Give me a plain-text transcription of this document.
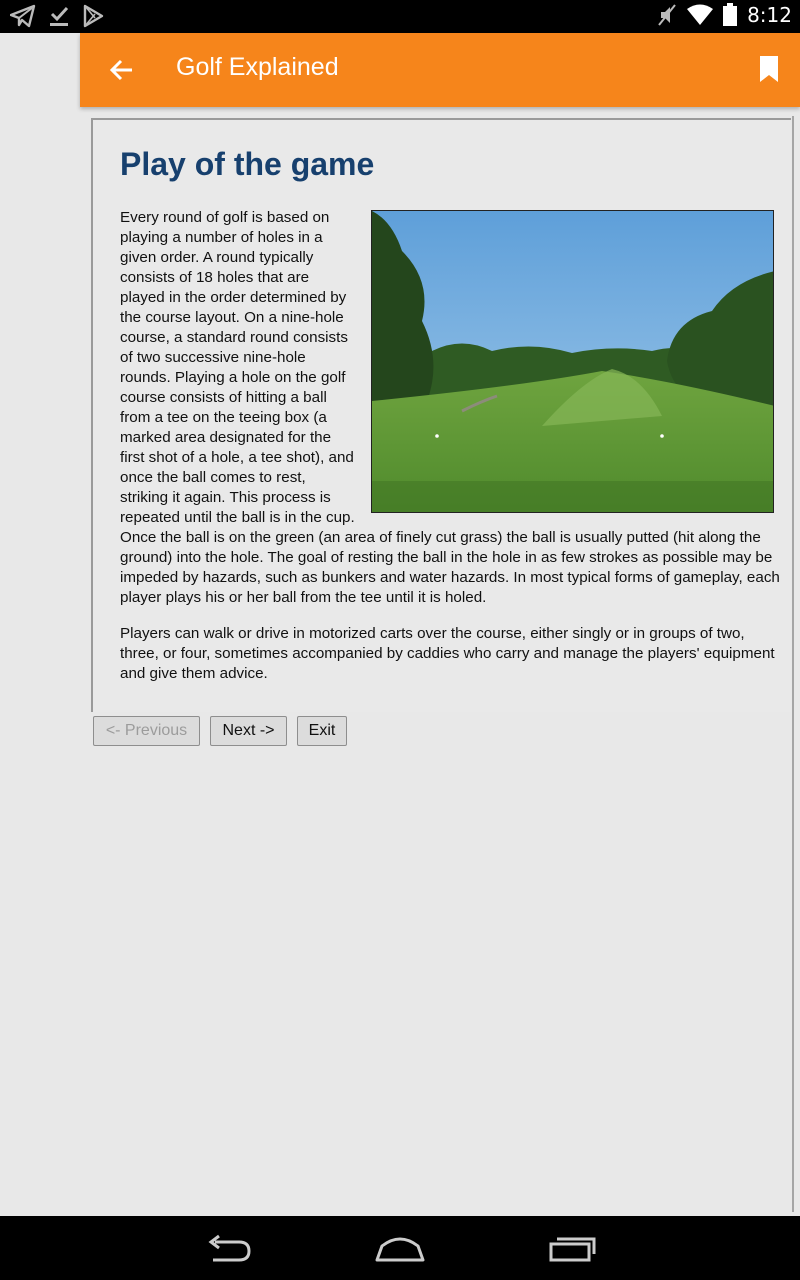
8:12
Golf Explained
Play of the game

Every round of golf is based on playing a number of holes in a given order. A round typically consists of 18 holes that are played in the order determined by the course layout. On a nine-hole course, a standard round consists of two successive nine-hole rounds. Playing a hole on the golf course consists of hitting a ball from a tee on the teeing box (a marked area designated for the first shot of a hole, a tee shot), and once the ball comes to rest, striking it again. This process is repeated until the ball is in the cup. Once the ball is on the green (an area of finely cut grass) the ball is usually putted (hit along the ground) into the hole. The goal of resting the ball in the hole in as few strokes as possible may be impeded by hazards, such as bunkers and water hazards. In most typical forms of gameplay, each player plays his or her ball from the tee until it is holed.

Players can walk or drive in motorized carts over the course, either singly or in groups of two, three, or four, sometimes accompanied by caddies who carry and manage the players' equipment and give them advice.

<- Previous	Next ->	Exit
